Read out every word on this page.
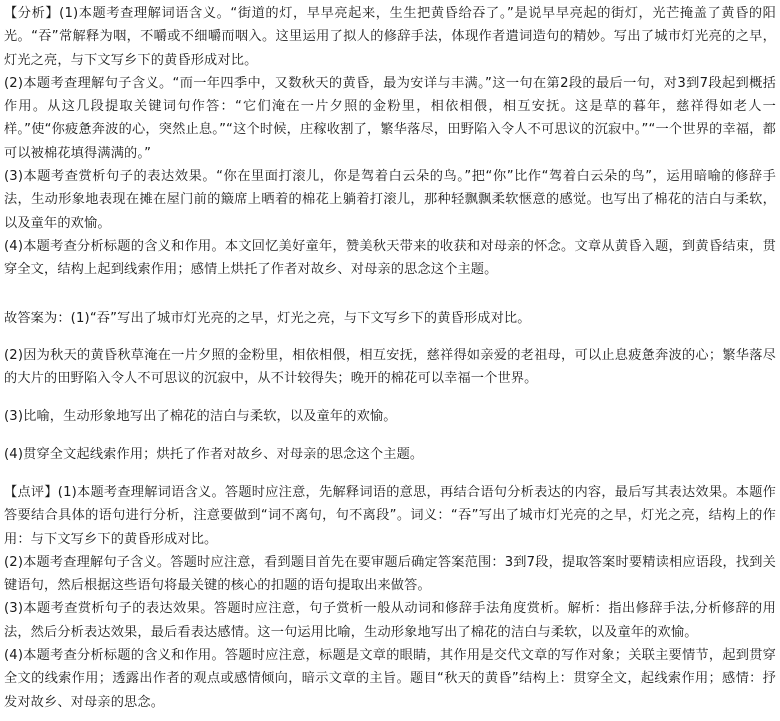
【分析】(1)本题考查理解词语含义。“街道的灯，早早亮起来，生生把黄昏给吞了。”是说早早亮起的街灯，光芒掩盖了黄昏的阳光。“吞”常解释为咽，不嚼或不细嚼而咽入。这里运用了拟人的修辞手法，体现作者遣词造句的精妙。写出了城市灯光亮的之早，灯光之亮，与下文写乡下的黄昏形成对比。

(2)本题考查理解句子含义。“而一年四季中，又数秋天的黄昏，最为安详与丰满。”这一句在第2段的最后一句，对3到7段起到概括作用。从这几段提取关键词句作答：“它们淹在一片夕照的金粉里，相依相偎，相互安抚。这是草的暮年，慈祥得如老人一样。”使“你疲惫奔波的心，突然止息。”“这个时候，庄稼收割了，繁华落尽，田野陷入令人不可思议的沉寂中。”“一个世界的幸福，都可以被棉花填得满满的。”

(3)本题考查赏析句子的表达效果。“你在里面打滚儿，你是驾着白云朵的鸟。”把“你”比作“驾着白云朵的鸟”，运用暗喻的修辞手法，生动形象地表现在摊在屋门前的簸席上晒着的棉花上躺着打滚儿，那种轻飘飘柔软惬意的感觉。也写出了棉花的洁白与柔软，以及童年的欢愉。

(4)本题考查分析标题的含义和作用。本文回忆美好童年，赞美秋天带来的收获和对母亲的怀念。文章从黄昏入题，到黄昏结束，贯穿全文，结构上起到线索作用；感情上烘托了作者对故乡、对母亲的思念这个主题。

故答案为：(1)“吞”写出了城市灯光亮的之早，灯光之亮，与下文写乡下的黄昏形成对比。

(2)因为秋天的黄昏秋草淹在一片夕照的金粉里，相依相偎，相互安抚，慈祥得如亲爱的老祖母，可以止息疲惫奔波的心；繁华落尽的大片的田野陷入令人不可思议的沉寂中，从不计较得失；晚开的棉花可以幸福一个世界。

(3)比喻，生动形象地写出了棉花的洁白与柔软，以及童年的欢愉。

(4)贯穿全文起线索作用；烘托了作者对故乡、对母亲的思念这个主题。

【点评】(1)本题考查理解词语含义。答题时应注意，先解释词语的意思，再结合语句分析表达的内容，最后写其表达效果。本题作答要结合具体的语句进行分析，注意要做到“词不离句，句不离段”。词义：“吞”写出了城市灯光亮的之早，灯光之亮，结构上的作用：与下文写乡下的黄昏形成对比。

(2)本题考查理解句子含义。答题时应注意，看到题目首先在要审题后确定答案范围：3到7段，提取答案时要精读相应语段，找到关键语句，然后根据这些语句将最关键的核心的扣题的语句提取出来做答。

(3)本题考查赏析句子的表达效果。答题时应注意，句子赏析一般从动词和修辞手法角度赏析。解析：指出修辞手法,分析修辞的用法，然后分析表达效果，最后看表达感情。这一句运用比喻，生动形象地写出了棉花的洁白与柔软，以及童年的欢愉。

(4)本题考查分析标题的含义和作用。答题时应注意，标题是文章的眼睛，其作用是交代文章的写作对象；关联主要情节，起到贯穿全文的线索作用；透露出作者的观点或感情倾向，暗示文章的主旨。题目“秋天的黄昏”结构上：贯穿全文，起线索作用；感情：抒发对故乡、对母亲的思念。
